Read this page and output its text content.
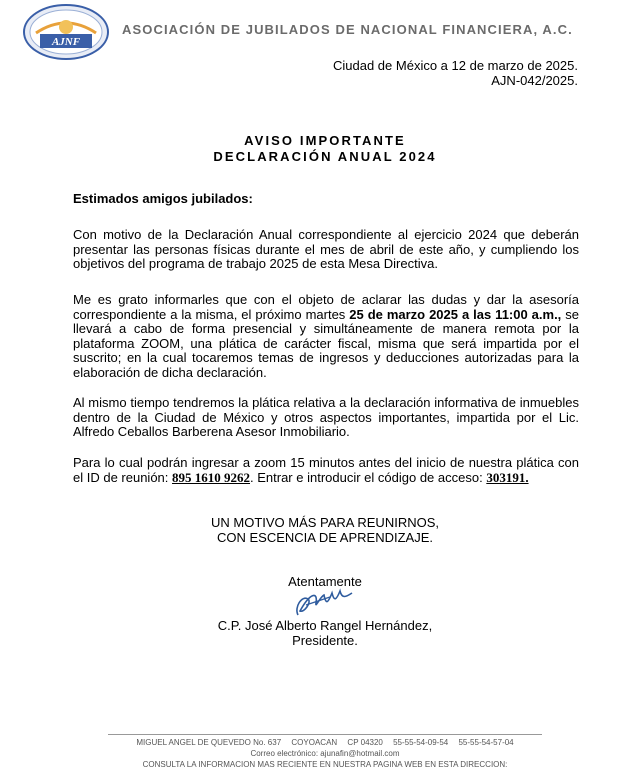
AJNF
ASOCIACIÓN DE JUBILADOS DE NACIONAL FINANCIERA, A.C.
Ciudad de México a 12 de marzo de 2025.
AJN-042/2025.
AVISO IMPORTANTE
DECLARACIÓN ANUAL 2024
Estimados amigos jubilados:
Con motivo de la Declaración Anual correspondiente al ejercicio 2024 que deberán presentar las personas físicas durante el mes de abril de este año, y cumpliendo los objetivos del programa de trabajo 2025 de esta Mesa Directiva.
Me es grato informarles que con el objeto de aclarar las dudas y dar la asesoría correspondiente a la misma, el próximo martes 25 de marzo 2025 a las 11:00 a.m., se llevará a cabo de forma presencial y simultáneamente de manera remota por la plataforma ZOOM, una plática de carácter fiscal, misma que será impartida por el suscrito; en la cual tocaremos temas de ingresos y deducciones autorizadas para la elaboración de dicha declaración.
Al mismo tiempo tendremos la plática relativa a la declaración informativa de inmuebles dentro de la Ciudad de México y otros aspectos importantes, impartida por el Lic. Alfredo Ceballos Barberena Asesor Inmobiliario.
Para lo cual podrán ingresar a zoom 15 minutos antes del inicio de nuestra plática con el ID de reunión: 895 1610 9262. Entrar e introducir el código de acceso: 303191.
UN MOTIVO MÁS PARA REUNIRNOS,
CON ESCENCIA DE APRENDIZAJE.
Atentamente
C.P. José Alberto Rangel Hernández,
Presidente.
MIGUEL ANGEL DE QUEVEDO No. 637 COYOACAN CP 04320 55-55-54-09-54 55-55-54-57-04
Correo electrónico: ajunafin@hotmail.com
CONSULTA LA INFORMACION MAS RECIENTE EN NUESTRA PAGINA WEB EN ESTA DIRECCION:
